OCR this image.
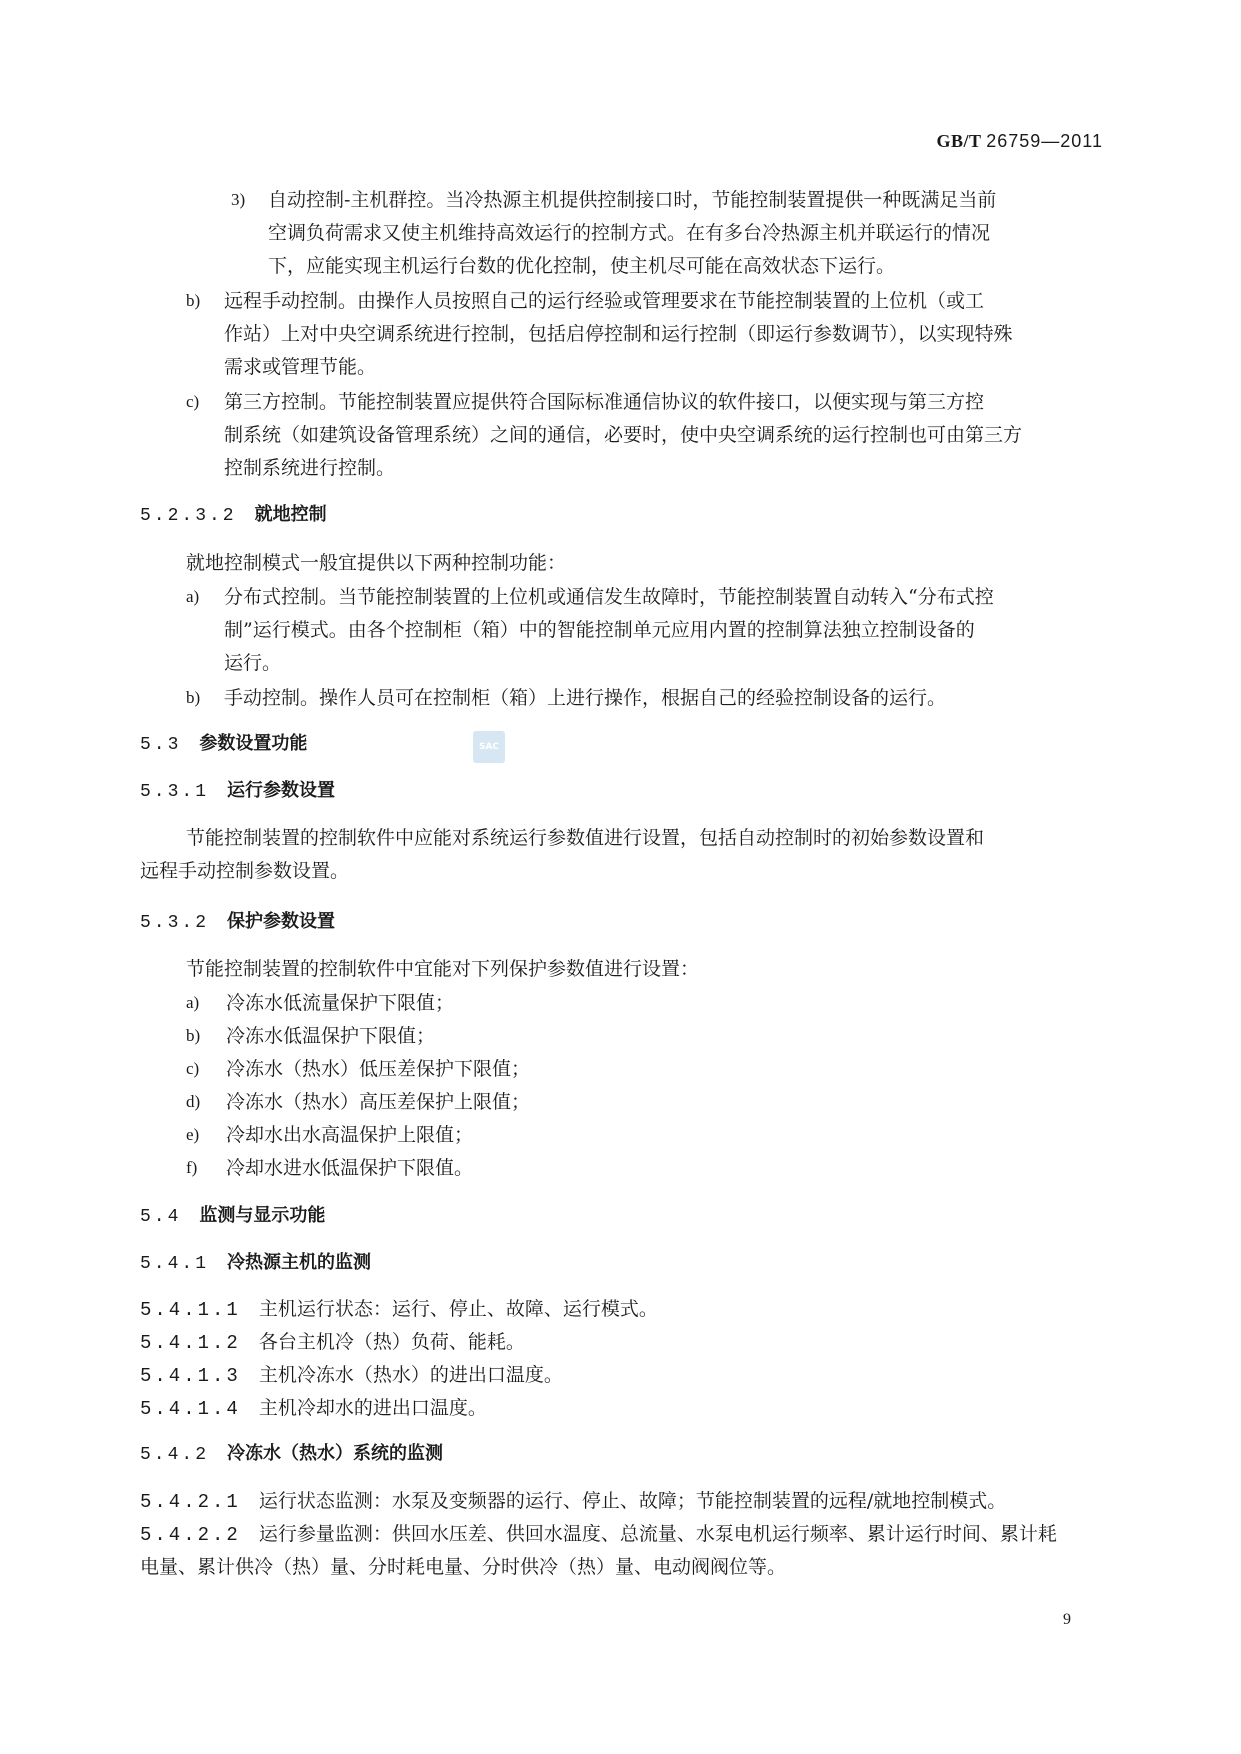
GB/T 26759—2011
3) 自动控制-主机群控。当冷热源主机提供控制接口时，节能控制装置提供一种既满足当前
空调负荷需求又使主机维持高效运行的控制方式。在有多台冷热源主机并联运行的情况
下，应能实现主机运行台数的优化控制，使主机尽可能在高效状态下运行。
b) 远程手动控制。由操作人员按照自己的运行经验或管理要求在节能控制装置的上位机（或工
作站）上对中央空调系统进行控制，包括启停控制和运行控制（即运行参数调节），以实现特殊
需求或管理节能。
c) 第三方控制。节能控制装置应提供符合国际标准通信协议的软件接口，以便实现与第三方控
制系统（如建筑设备管理系统）之间的通信，必要时，使中央空调系统的运行控制也可由第三方
控制系统进行控制。
5.2.3.2 就地控制
就地控制模式一般宜提供以下两种控制功能：
a) 分布式控制。当节能控制装置的上位机或通信发生故障时，节能控制装置自动转入“分布式控
制”运行模式。由各个控制柜（箱）中的智能控制单元应用内置的控制算法独立控制设备的
运行。
b) 手动控制。操作人员可在控制柜（箱）上进行操作，根据自己的经验控制设备的运行。
5.3 参数设置功能	SAC
5.3.1 运行参数设置
节能控制装置的控制软件中应能对系统运行参数值进行设置，包括自动控制时的初始参数设置和
远程手动控制参数设置。
5.3.2 保护参数设置
节能控制装置的控制软件中宜能对下列保护参数值进行设置：
a) 冷冻水低流量保护下限值；
b) 冷冻水低温保护下限值；
c) 冷冻水（热水）低压差保护下限值；
d) 冷冻水（热水）高压差保护上限值；
e) 冷却水出水高温保护上限值；
f) 冷却水进水低温保护下限值。
5.4 监测与显示功能
5.4.1 冷热源主机的监测
5.4.1.1 主机运行状态：运行、停止、故障、运行模式。
5.4.1.2 各台主机冷（热）负荷、能耗。
5.4.1.3 主机冷冻水（热水）的进出口温度。
5.4.1.4 主机冷却水的进出口温度。
5.4.2 冷冻水（热水）系统的监测
5.4.2.1 运行状态监测：水泵及变频器的运行、停止、故障；节能控制装置的远程/就地控制模式。
5.4.2.2 运行参量监测：供回水压差、供回水温度、总流量、水泵电机运行频率、累计运行时间、累计耗
电量、累计供冷（热）量、分时耗电量、分时供冷（热）量、电动阀阀位等。
9
